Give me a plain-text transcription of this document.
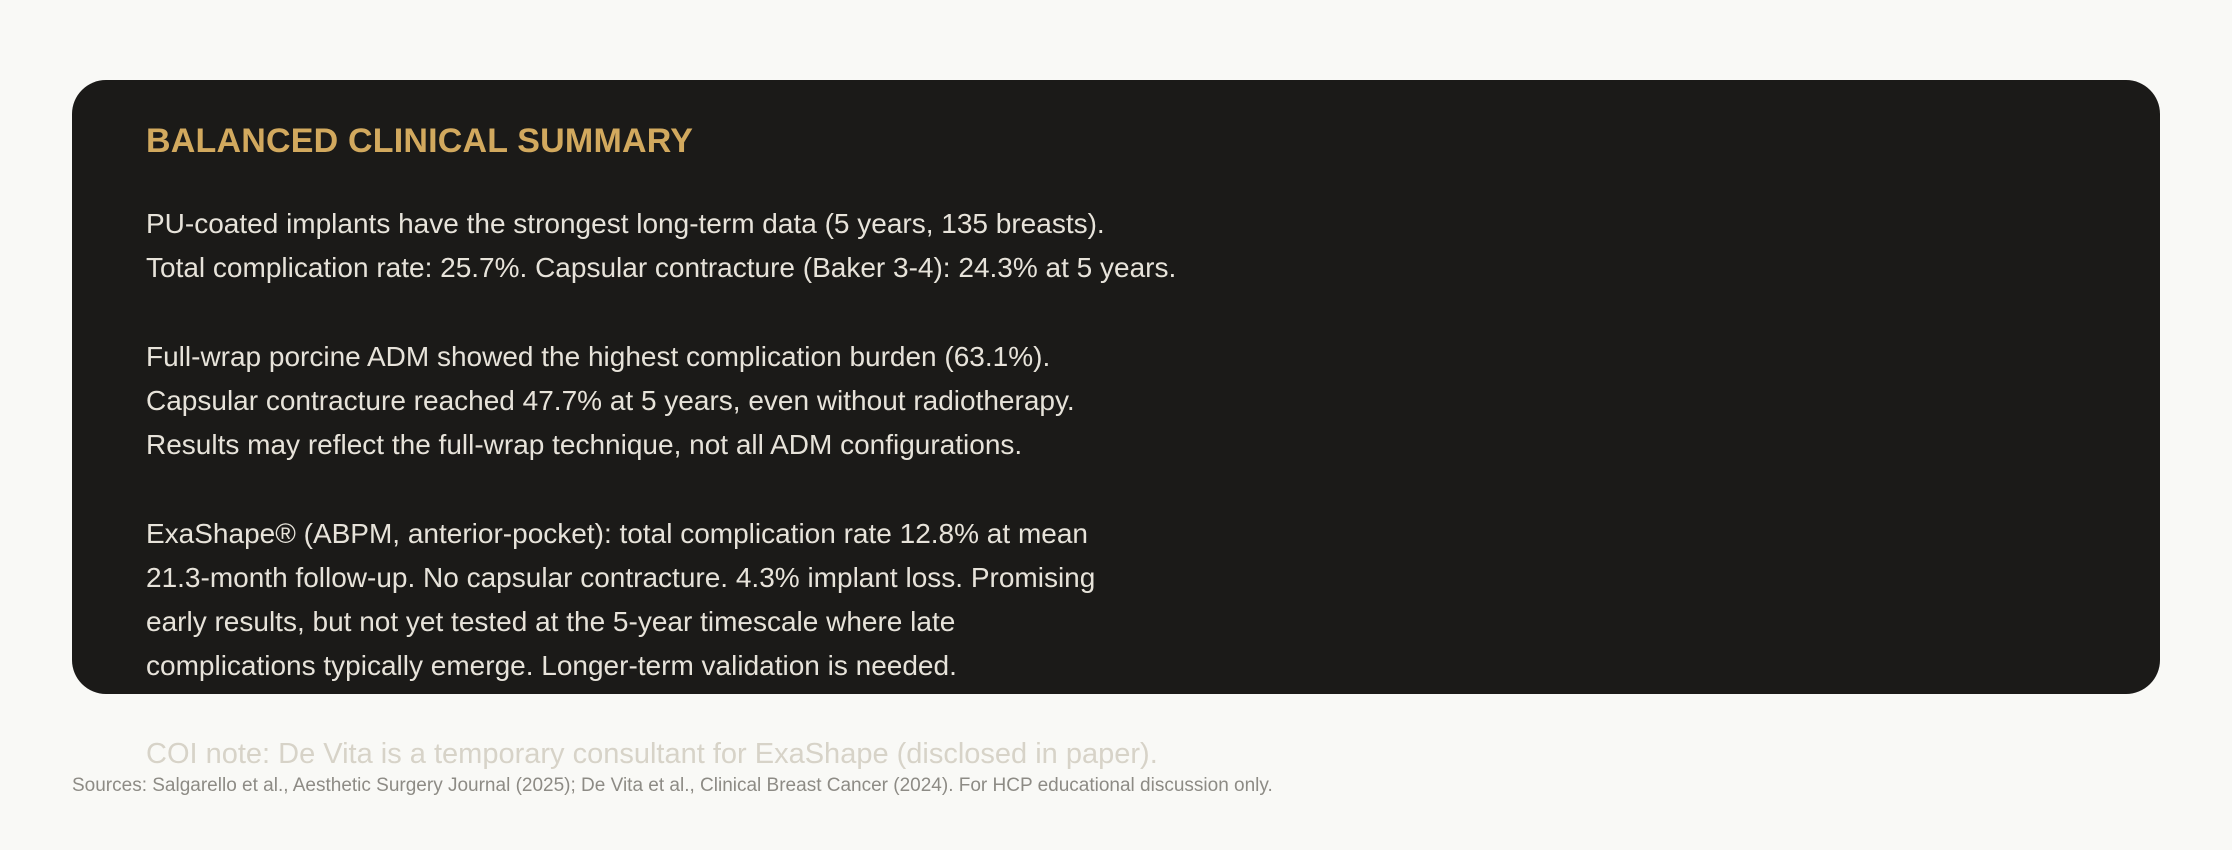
BALANCED CLINICAL SUMMARY

PU-coated implants have the strongest long-term data (5 years, 135 breasts).

Total complication rate: 25.7%. Capsular contracture (Baker 3-4): 24.3% at 5 years.

Full-wrap porcine ADM showed the highest complication burden (63.1%).

Capsular contracture reached 47.7% at 5 years, even without radiotherapy.

Results may reflect the full-wrap technique, not all ADM configurations.

ExaShape® (ABPM, anterior-pocket): total complication rate 12.8% at mean

21.3-month follow-up. No capsular contracture. 4.3% implant loss. Promising

early results, but not yet tested at the 5-year timescale where late

complications typically emerge. Longer-term validation is needed.

COI note: De Vita is a temporary consultant for ExaShape (disclosed in paper).

Sources: Salgarello et al., Aesthetic Surgery Journal (2025); De Vita et al., Clinical Breast Cancer (2024). For HCP educational discussion only.
